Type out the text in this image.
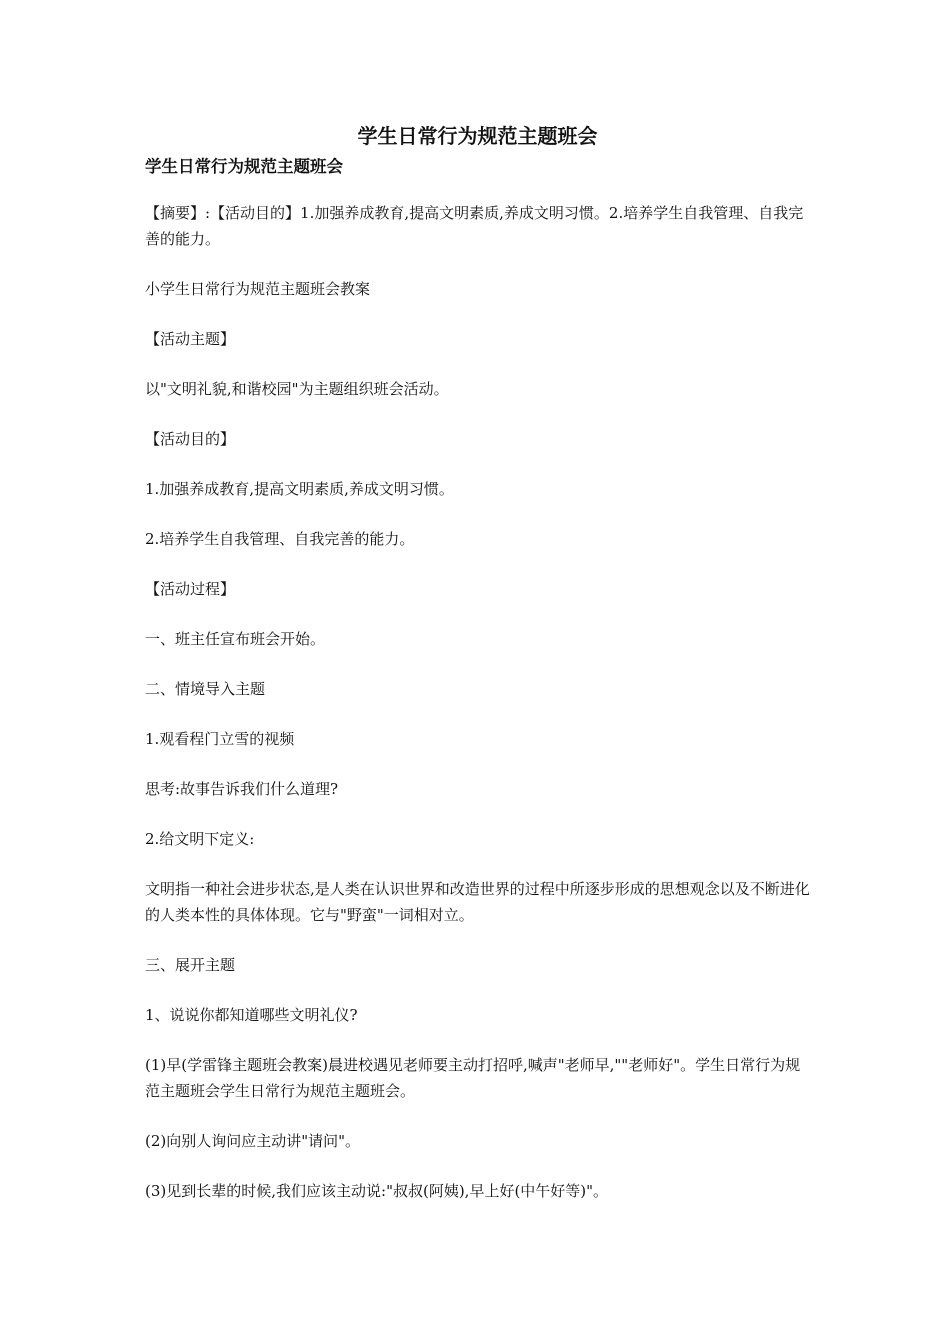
学生日常行为规范主题班会
学生日常行为规范主题班会

【摘要】:【活动目的】1.加强养成教育,提高文明素质,养成文明习惯。2.培养学生自我管理、自我完善的能力。

小学生日常行为规范主题班会教案

【活动主题】

以"文明礼貌,和谐校园"为主题组织班会活动。

【活动目的】

1.加强养成教育,提高文明素质,养成文明习惯。

2.培养学生自我管理、自我完善的能力。

【活动过程】

一、班主任宣布班会开始。

二、情境导入主题

1.观看程门立雪的视频

思考:故事告诉我们什么道理?

2.给文明下定义:

文明指一种社会进步状态,是人类在认识世界和改造世界的过程中所逐步形成的思想观念以及不断进化的人类本性的具体体现。它与"野蛮"一词相对立。

三、展开主题

1、说说你都知道哪些文明礼仪?

(1)早(学雷锋主题班会教案)晨进校遇见老师要主动打招呼,喊声"老师早,""老师好"。学生日常行为规范主题班会学生日常行为规范主题班会。

(2)向别人询问应主动讲"请问"。

(3)见到长辈的时候,我们应该主动说:"叔叔(阿姨),早上好(中午好等)"。
